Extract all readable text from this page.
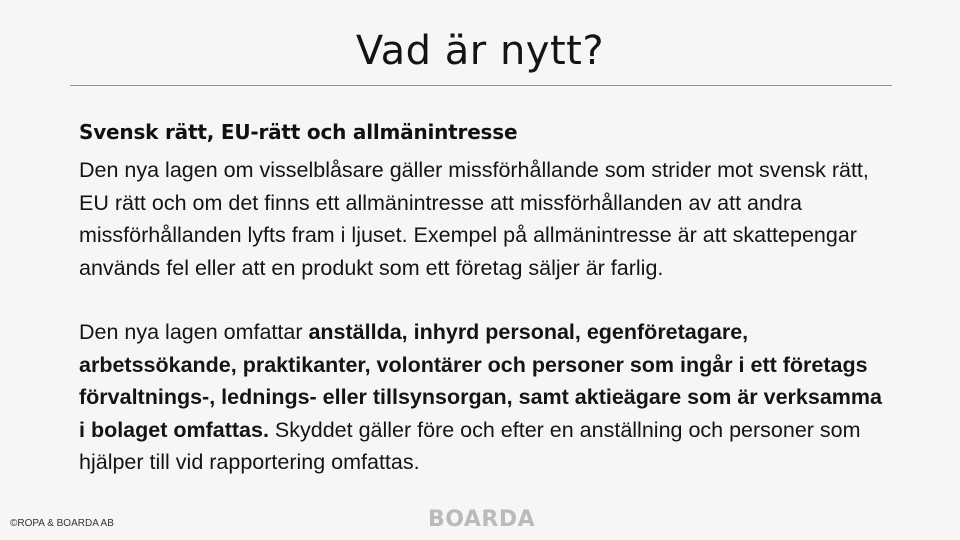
Vad är nytt?
Svensk rätt, EU-rätt och allmänintresse

Den nya lagen om visselblåsare gäller missförhållande som strider mot svensk rätt, EU rätt och om det finns ett allmänintresse att missförhållanden av att andra missförhållanden lyfts fram i ljuset. Exempel på allmänintresse är att skattepengar används fel eller att en produkt som ett företag säljer är farlig.

Den nya lagen omfattar anställda, inhyrd personal, egenföretagare, arbetssökande, praktikanter, volontärer och personer som ingår i ett företags förvaltnings-, lednings- eller tillsynsorgan, samt aktieägare som är verksamma i bolaget omfattas. Skyddet gäller före och efter en anställning och personer som hjälper till vid rapportering omfattas.

©ROPA & BOARDA AB	BOARDA
